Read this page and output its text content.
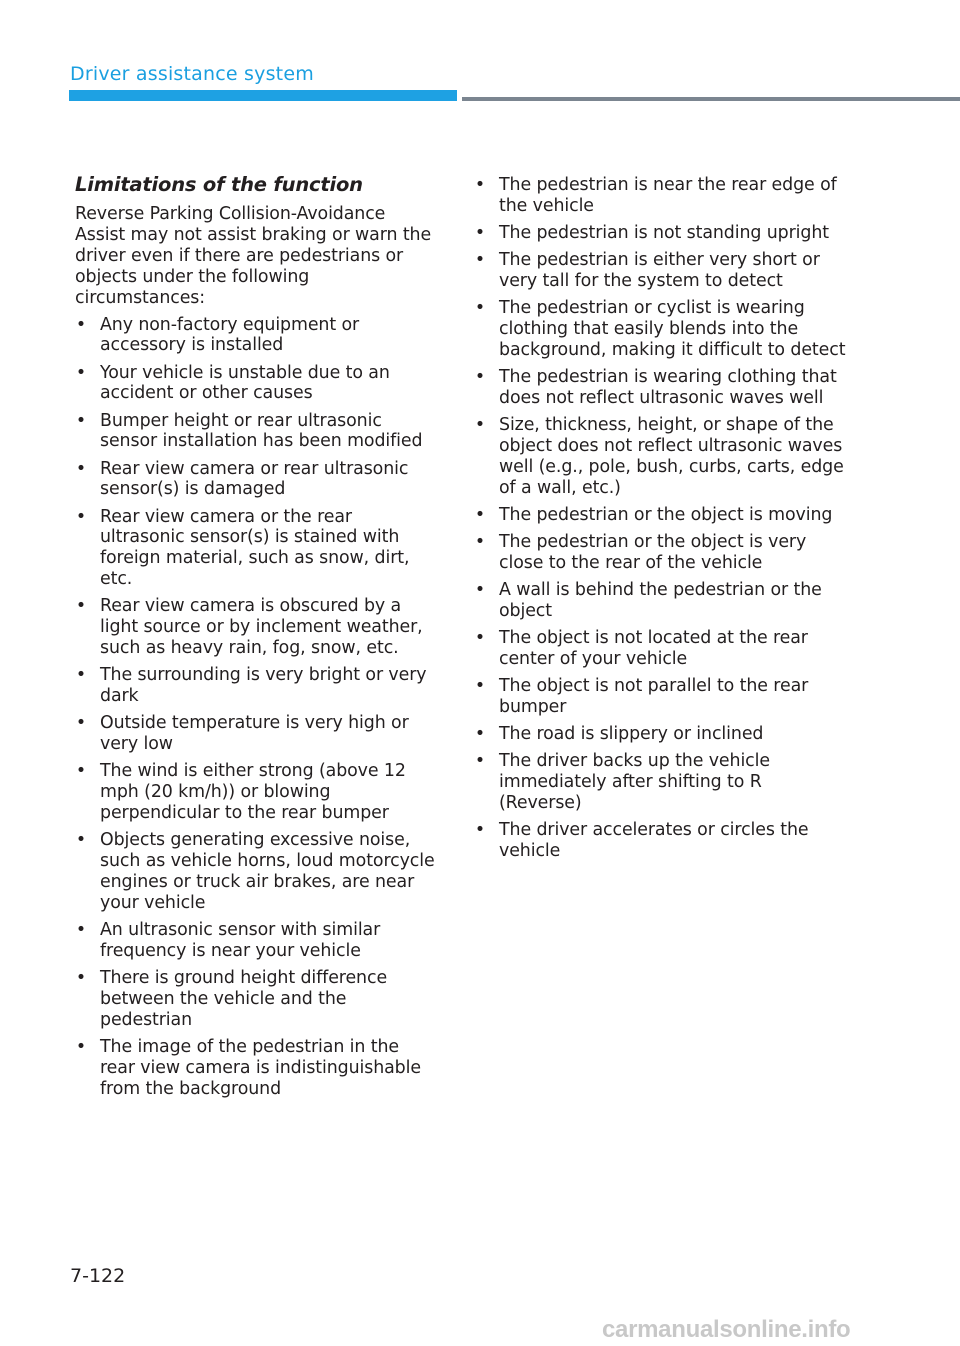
Driver assistance system
Limitations of the function
Reverse Parking Collision-Avoidance Assist may not assist braking or warn the driver even if there are pedestrians or objects under the following circumstances:
• Any non-factory equipment or accessory is installed
• Your vehicle is unstable due to an accident or other causes
• Bumper height or rear ultrasonic sensor installation has been modified
• Rear view camera or rear ultrasonic sensor(s) is damaged
• Rear view camera or the rear ultrasonic sensor(s) is stained with foreign material, such as snow, dirt, etc.
• Rear view camera is obscured by a light source or by inclement weather, such as heavy rain, fog, snow, etc.
• The surrounding is very bright or very dark
• Outside temperature is very high or very low
• The wind is either strong (above 12 mph (20 km/h)) or blowing perpendicular to the rear bumper
• Objects generating excessive noise, such as vehicle horns, loud motorcycle engines or truck air brakes, are near your vehicle
• An ultrasonic sensor with similar frequency is near your vehicle
• There is ground height difference between the vehicle and the pedestrian
• The image of the pedestrian in the rear view camera is indistinguishable from the background
• The pedestrian is near the rear edge of the vehicle
• The pedestrian is not standing upright
• The pedestrian is either very short or very tall for the system to detect
• The pedestrian or cyclist is wearing clothing that easily blends into the background, making it difficult to detect
• The pedestrian is wearing clothing that does not reflect ultrasonic waves well
• Size, thickness, height, or shape of the object does not reflect ultrasonic waves well (e.g., pole, bush, curbs, carts, edge of a wall, etc.)
• The pedestrian or the object is moving
• The pedestrian or the object is very close to the rear of the vehicle
• A wall is behind the pedestrian or the object
• The object is not located at the rear center of your vehicle
• The object is not parallel to the rear bumper
• The road is slippery or inclined
• The driver backs up the vehicle immediately after shifting to R (Reverse)
• The driver accelerates or circles the vehicle
7-122
carmanualsonline.info
